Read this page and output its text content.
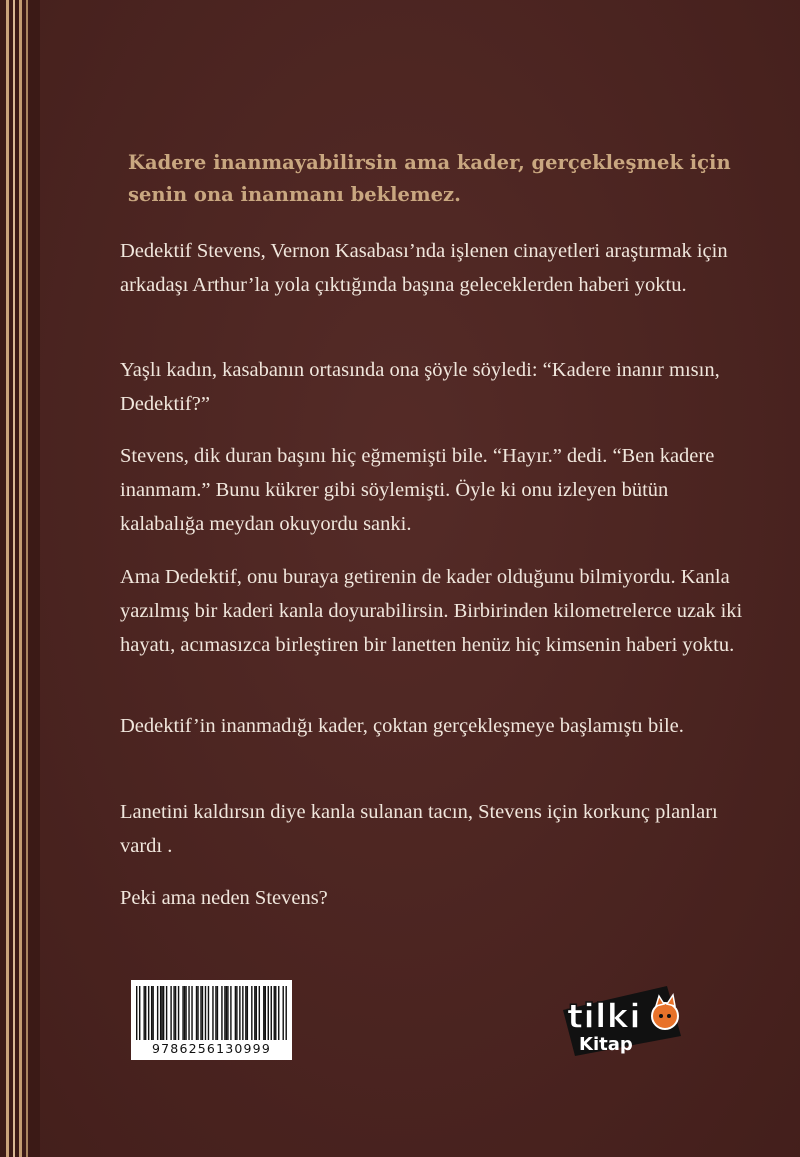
Kadere inanmayabilirsin ama kader, gerçekleşmek için senin ona inanmanı beklemez.

Dedektif Stevens, Vernon Kasabası’nda işlenen cinayetleri araştırmak için arkadaşı Arthur’la yola çıktığında başına geleceklerden haberi yoktu.

Yaşlı kadın, kasabanın ortasında ona şöyle söyledi: “Kadere inanır mısın, Dedektif?”

Stevens, dik duran başını hiç eğmemişti bile. “Hayır.” dedi. “Ben kadere inanmam.” Bunu kükrer gibi söylemişti. Öyle ki onu izleyen bütün kalabalığa meydan okuyordu sanki.

Ama Dedektif, onu buraya getirenin de kader olduğunu bilmiyordu. Kanla yazılmış bir kaderi kanla doyurabilirsin. Birbirinden kilometrelerce uzak iki hayatı, acımasızca birleştiren bir lanetten henüz hiç kimsenin haberi yoktu.

Dedektif’in inanmadığı kader, çoktan gerçekleşmeye başlamıştı bile.

Lanetini kaldırsın diye kanla sulanan tacın, Stevens için korkunç planları vardı .

Peki ama neden Stevens?

9786256130999
tilki
Kitap
